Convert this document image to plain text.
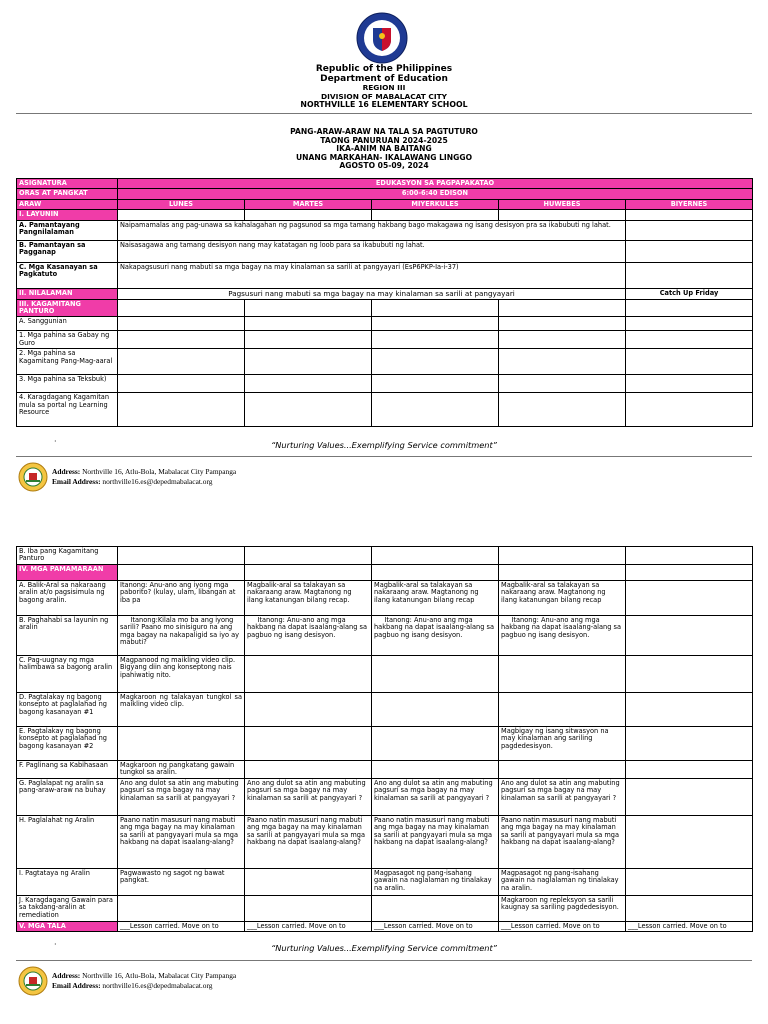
Republic of the Philippines
Department of Education
REGION III
DIVISION OF MABALACAT CITY
NORTHVILLE 16 ELEMENTARY SCHOOL
PANG-ARAW-ARAW NA TALA SA PAGTUTURO
TAONG PANURUAN 2024-2025
IKA-ANIM NA BAITANG
UNANG MARKAHAN- IKALAWANG LINGGO
AGOSTO 05-09, 2024
ASIGNATURA	EDUKASYON SA PAGPAPAKATAO				
ORAS AT PANGKAT	6:00-6:40 EDISON				
ARAW	LUNES	MARTES	MIYERKULES	HUWEBES	BIYERNES
I. LAYUNIN					
A. Pamantayang Pangnilalaman	Naipamamalas ang pag-unawa sa kahalagahan ng pagsunod sa mga tamang hakbang bago makagawa ng isang desisyon pra sa ikabubuti ng lahat.				
B. Pamantayan sa Pagganap	Naisasagawa ang tamang desisyon nang may katatagan ng loob para sa ikabubuti ng lahat.				
C. Mga Kasanayan sa Pagkatuto	Nakapagsusuri nang mabuti sa mga bagay na may kinalaman sa sarili at pangyayari (EsP6PKP-Ia-i-37)				
II. NILALAMAN	Pagsusuri nang mabuti sa mga bagay na may kinalaman sa sarili at pangyayari				Catch Up Friday
III. KAGAMITANG PANTURO					
A. Sanggunian					
1. Mga pahina sa Gabay ng Guro					
2. Mga pahina sa Kagamitang Pang-Mag-aaral					
3. Mga pahina sa Teksbuk)					
4. Karagdagang Kagamitan mula sa portal ng Learning Resource					
·	“Nurturing Values...Exemplifying Service commitment”
Address: Northville 16, Atlu-Bola, Mabalacat City Pampanga
Email Address: northville16.es@depedmabalacat.org
B. Iba pang Kagamitang Panturo					
IV. MGA PAMAMARAAN					
A. Balik-Aral sa nakaraang aralin at/o pagsisimula ng bagong aralin.	Itanong: Anu-ano ang iyong mga paborito? (kulay, ulam, libangan at iba pa	Magbalik-aral sa talakayan sa nakaraang araw. Magtanong ng ilang katanungan bilang recap.	Magbalik-aral sa talakayan sa nakaraang araw. Magtanong ng ilang katanungan bilang recap	Magbalik-aral sa talakayan sa nakaraang araw. Magtanong ng ilang katanungan bilang recap	
B. Paghahabi sa layunin ng aralin	Itanong:Kilala mo ba ang iyong sarili? Paano mo sinisiguro na ang mga bagay na nakapaligid sa iyo ay mabuti?	Itanong: Anu-ano ang mga hakbang na dapat isaalang-alang sa pagbuo ng isang desisyon.	Itanong: Anu-ano ang mga hakbang na dapat isaalang-alang sa pagbuo ng isang desisyon.	Itanong: Anu-ano ang mga hakbang na dapat isaalang-alang sa pagbuo ng isang desisyon.	
C. Pag-uugnay ng mga halimbawa sa bagong aralin	Magpanood ng maikling video clip. Bigyang diin ang konseptong nais ipahiwatig nito.				
D. Pagtalakay ng bagong konsepto at paglalahad ng bagong kasanayan #1	Magkaroon ng talakayan tungkol sa maikling video clip.				
E. Pagtalakay ng bagong konsepto at paglalahad ng bagong kasanayan #2				Magbigay ng isang sitwasyon na may kinalaman ang sariling pagdedesisyon.	
F. Paglinang sa Kabihasaan	Magkaroon ng pangkatang gawain tungkol sa aralin.				
G. Paglalapat ng aralin sa pang-araw-araw na buhay	Ano ang dulot sa atin ang mabuting pagsuri sa mga bagay na may kinalaman sa sarili at pangyayari ?	Ano ang dulot sa atin ang mabuting pagsuri sa mga bagay na may kinalaman sa sarili at pangyayari ?	Ano ang dulot sa atin ang mabuting pagsuri sa mga bagay na may kinalaman sa sarili at pangyayari ?	Ano ang dulot sa atin ang mabuting pagsuri sa mga bagay na may kinalaman sa sarili at pangyayari ?	
H. Paglalahat ng Aralin	Paano natin masusuri nang mabuti ang mga bagay na may kinalaman sa sarili at pangyayari mula sa mga hakbang na dapat isaalang-alang?	Paano natin masusuri nang mabuti ang mga bagay na may kinalaman sa sarili at pangyayari mula sa mga hakbang na dapat isaalang-alang?	Paano natin masusuri nang mabuti ang mga bagay na may kinalaman sa sarili at pangyayari mula sa mga hakbang na dapat isaalang-alang?	Paano natin masusuri nang mabuti ang mga bagay na may kinalaman sa sarili at pangyayari mula sa mga hakbang na dapat isaalang-alang?	
I. Pagtataya ng Aralin	Pagwawasto ng sagot ng bawat pangkat.		Magpasagot ng pang-isahang gawain na naglalaman ng tinalakay na aralin.	Magpasagot ng pang-isahang gawain na naglalaman ng tinalakay na aralin.	
J. Karagdagang Gawain para sa takdang-aralin at remediation				Magkaroon ng repleksyon sa sarili kaugnay sa sariling pagdedesisyon.	
V. MGA TALA	___Lesson carried. Move on to	___Lesson carried. Move on to	___Lesson carried. Move on to	___Lesson carried. Move on to	___Lesson carried. Move on to
·	“Nurturing Values...Exemplifying Service commitment”
Address: Northville 16, Atlu-Bola, Mabalacat City Pampanga
Email Address: northville16.es@depedmabalacat.org
